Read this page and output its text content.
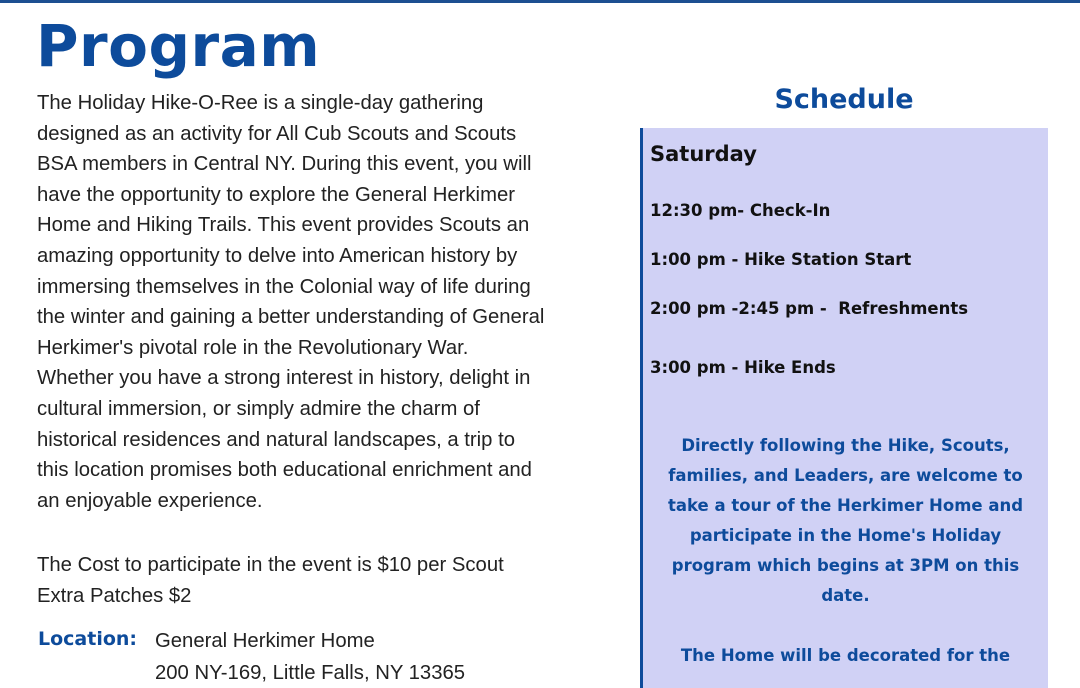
Program
The Holiday Hike-O-Ree is a single-day gathering
designed as an activity for All Cub Scouts and Scouts
BSA members in Central NY. During this event, you will
have the opportunity to explore the General Herkimer
Home and Hiking Trails. This event provides Scouts an
amazing opportunity to delve into American history by
immersing themselves in the Colonial way of life during
the winter and gaining a better understanding of General
Herkimer's pivotal role in the Revolutionary War.
Whether you have a strong interest in history, delight in
cultural immersion, or simply admire the charm of
historical residences and natural landscapes, a trip to
this location promises both educational enrichment and
an enjoyable experience.
The Cost to participate in the event is $10 per Scout
Extra Patches $2
Location: General Herkimer Home
200 NY-169, Little Falls, NY 13365
Schedule
Saturday
12:30 pm- Check-In
1:00 pm - Hike Station Start
2:00 pm -2:45 pm -  Refreshments
3:00 pm - Hike Ends
Directly following the Hike, Scouts,
families, and Leaders, are welcome to
take a tour of the Herkimer Home and
participate in the Home's Holiday
program which begins at 3PM on this
date.
The Home will be decorated for the
